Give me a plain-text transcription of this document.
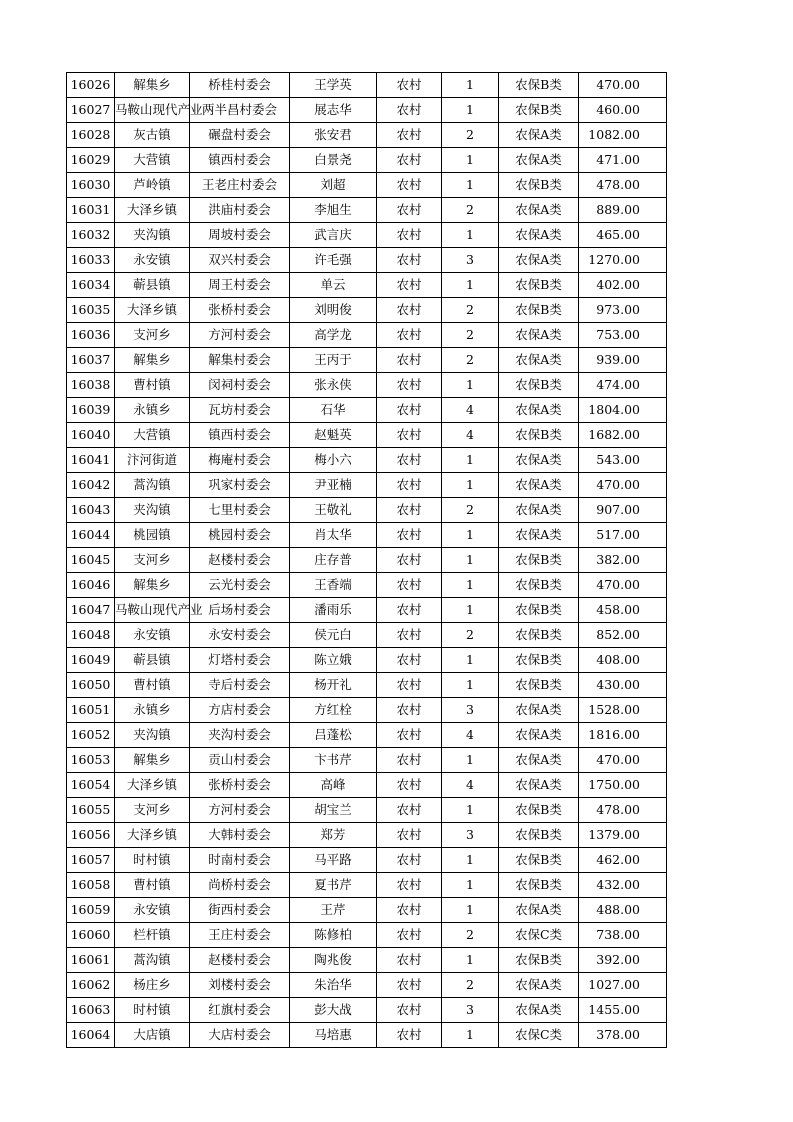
16026	解集乡	桥桂村委会	王学英	农村	1	农保B类	470.00
16027	马鞍山现代产业	两半昌村委会	展志华	农村	1	农保B类	460.00
16028	灰古镇	碾盘村委会	张安君	农村	2	农保A类	1082.00
16029	大营镇	镇西村委会	白景尧	农村	1	农保A类	471.00
16030	芦岭镇	王老庄村委会	刘超	农村	1	农保B类	478.00
16031	大泽乡镇	洪庙村委会	李旭生	农村	2	农保A类	889.00
16032	夹沟镇	周坡村委会	武言庆	农村	1	农保A类	465.00
16033	永安镇	双兴村委会	许毛强	农村	3	农保A类	1270.00
16034	蕲县镇	周王村委会	单云	农村	1	农保B类	402.00
16035	大泽乡镇	张桥村委会	刘明俊	农村	2	农保B类	973.00
16036	支河乡	方河村委会	高学龙	农村	2	农保A类	753.00
16037	解集乡	解集村委会	王丙于	农村	2	农保A类	939.00
16038	曹村镇	闵祠村委会	张永侠	农村	1	农保B类	474.00
16039	永镇乡	瓦坊村委会	石华	农村	4	农保A类	1804.00
16040	大营镇	镇西村委会	赵魁英	农村	4	农保B类	1682.00
16041	汴河街道	梅庵村委会	梅小六	农村	1	农保A类	543.00
16042	蒿沟镇	巩家村委会	尹亚楠	农村	1	农保A类	470.00
16043	夹沟镇	七里村委会	王敬礼	农村	2	农保A类	907.00
16044	桃园镇	桃园村委会	肖太华	农村	1	农保A类	517.00
16045	支河乡	赵楼村委会	庄存普	农村	1	农保B类	382.00
16046	解集乡	云光村委会	王香端	农村	1	农保B类	470.00
16047	马鞍山现代产业	后场村委会	潘雨乐	农村	1	农保B类	458.00
16048	永安镇	永安村委会	侯元白	农村	2	农保B类	852.00
16049	蕲县镇	灯塔村委会	陈立娥	农村	1	农保B类	408.00
16050	曹村镇	寺后村委会	杨开礼	农村	1	农保B类	430.00
16051	永镇乡	方店村委会	方红栓	农村	3	农保A类	1528.00
16052	夹沟镇	夹沟村委会	吕蓬松	农村	4	农保A类	1816.00
16053	解集乡	贡山村委会	卞书芹	农村	1	农保A类	470.00
16054	大泽乡镇	张桥村委会	高峰	农村	4	农保A类	1750.00
16055	支河乡	方河村委会	胡宝兰	农村	1	农保B类	478.00
16056	大泽乡镇	大韩村委会	郑芳	农村	3	农保B类	1379.00
16057	时村镇	时南村委会	马平路	农村	1	农保B类	462.00
16058	曹村镇	尚桥村委会	夏书芹	农村	1	农保B类	432.00
16059	永安镇	街西村委会	王芹	农村	1	农保A类	488.00
16060	栏杆镇	王庄村委会	陈修柏	农村	2	农保C类	738.00
16061	蒿沟镇	赵楼村委会	陶兆俊	农村	1	农保B类	392.00
16062	杨庄乡	刘楼村委会	朱治华	农村	2	农保A类	1027.00
16063	时村镇	红旗村委会	彭大战	农村	3	农保A类	1455.00
16064	大店镇	大店村委会	马培惠	农村	1	农保C类	378.00
